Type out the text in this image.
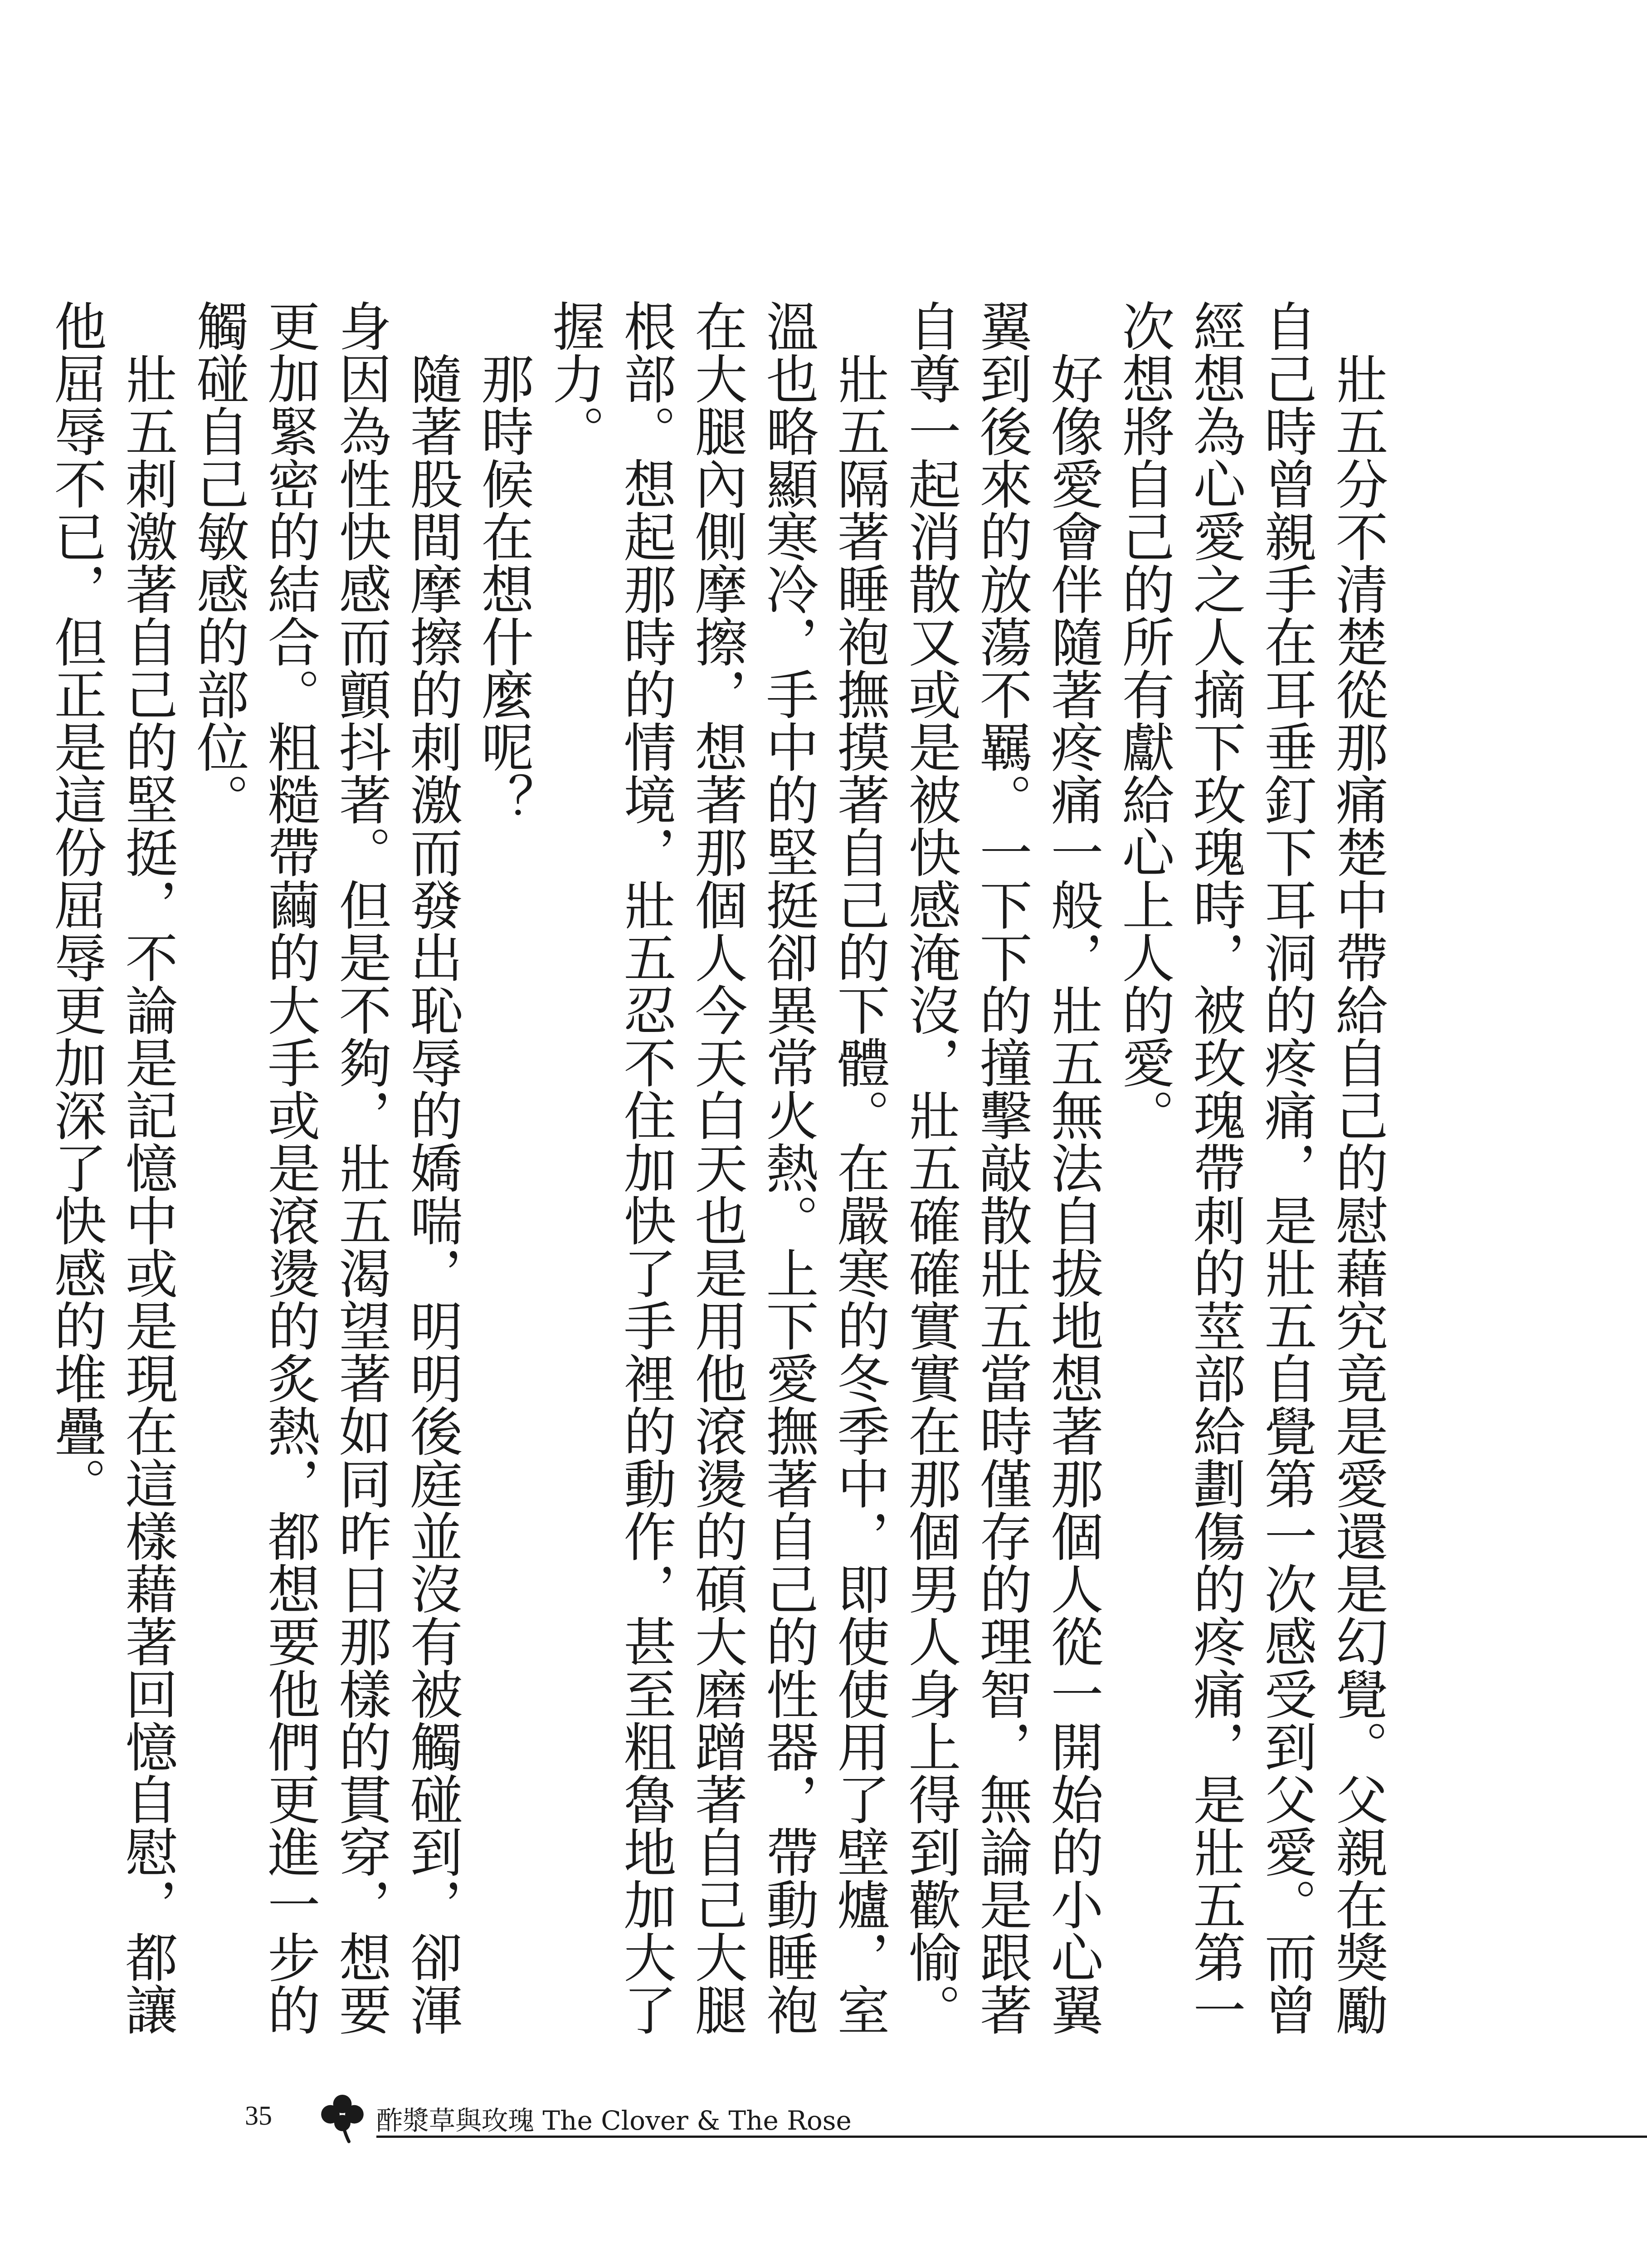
壯五分不清楚從那痛楚中帶給自己的慰藉究竟是愛還是幻覺。父親在獎勵自己時曾親手在耳垂釘下耳洞的疼痛，是壯五自覺第一次感受到父愛。而曾經想為心愛之人摘下玫瑰時，被玫瑰帶刺的莖部給劃傷的疼痛，是壯五第一次想將自己的所有獻給心上人的愛。

好像愛會伴隨著疼痛一般，壯五無法自拔地想著那個人從一開始的小心翼翼到後來的放蕩不羈。一下下的撞擊敲散壯五當時僅存的理智，無論是跟著自尊一起消散又或是被快感淹沒，壯五確確實實在那個男人身上得到歡愉。

壯五隔著睡袍撫摸著自己的下體。在嚴寒的冬季中，即使使用了壁爐，室溫也略顯寒冷，手中的堅挺卻異常火熱。上下愛撫著自己的性器，帶動睡袍在大腿內側摩擦，想著那個人今天白天也是用他滾燙的碩大磨蹭著自己大腿根部。想起那時的情境，壯五忍不住加快了手裡的動作，甚至粗魯地加大了握力。

那時候在想什麼呢？

隨著股間摩擦的刺激而發出恥辱的嬌喘，明明後庭並沒有被觸碰到，卻渾身因為性快感而顫抖著。但是不夠，壯五渴望著如同昨日那樣的貫穿，想要更加緊密的結合。粗糙帶繭的大手或是滾燙的炙熱，都想要他們更進一步的觸碰自己敏感的部位。

壯五刺激著自己的堅挺，不論是記憶中或是現在這樣藉著回憶自慰，都讓他屈辱不已，但正是這份屈辱更加深了快感的堆疊。

35	酢漿草與玫瑰 The Clover & The Rose
